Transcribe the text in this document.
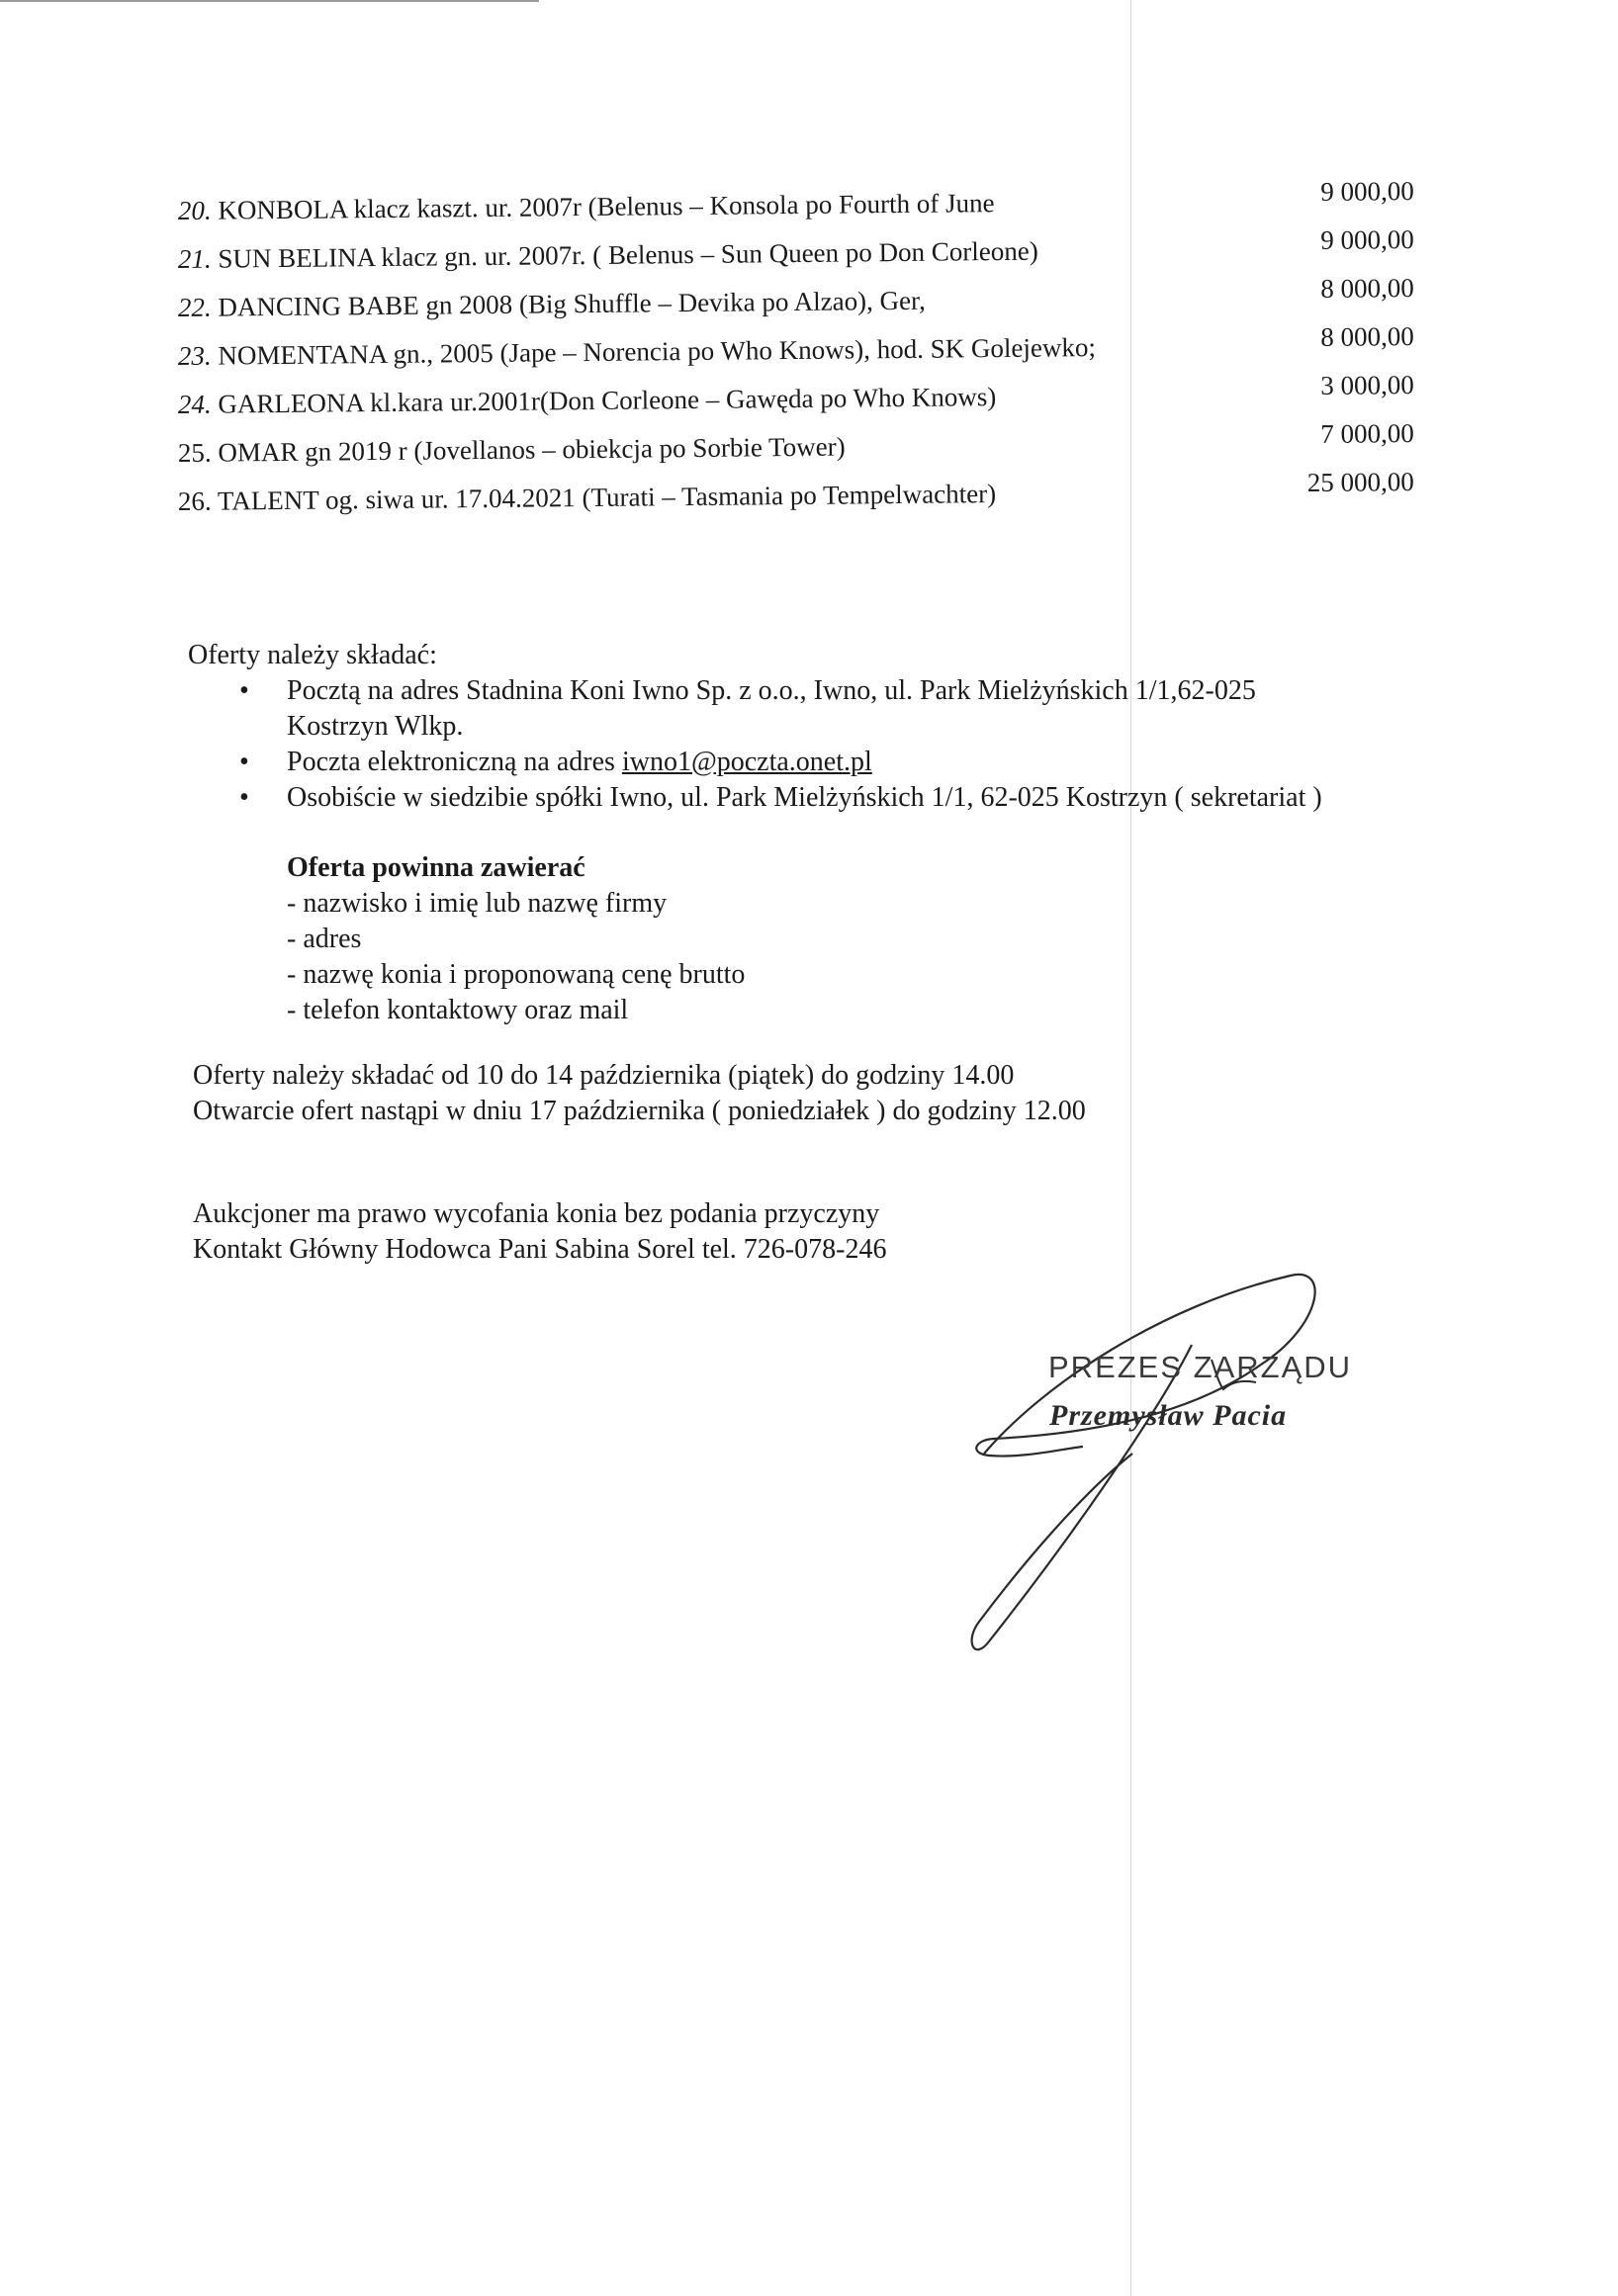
20. KONBOLA klacz kaszt. ur. 2007r (Belenus – Konsola po Fourth of June	9 000,00
21. SUN BELINA klacz gn. ur. 2007r. ( Belenus – Sun Queen po Don Corleone)	9 000,00
22. DANCING BABE gn 2008 (Big Shuffle – Devika po Alzao), Ger,	8 000,00
23. NOMENTANA gn., 2005 (Jape – Norencia po Who Knows), hod. SK Golejewko;	8 000,00
24. GARLEONA kl.kara ur.2001r(Don Corleone – Gawęda po Who Knows)	3 000,00
25. OMAR gn 2019 r (Jovellanos – obiekcja po Sorbie Tower)	7 000,00
26. TALENT og. siwa ur. 17.04.2021 (Turati – Tasmania po Tempelwachter)	25 000,00
Oferty należy składać:
• Pocztą na adres Stadnina Koni Iwno Sp. z o.o., Iwno, ul. Park Mielżyńskich 1/1,62-025
Kostrzyn Wlkp.
• Poczta elektroniczną na adres iwno1@poczta.onet.pl
• Osobiście w siedzibie spółki Iwno, ul. Park Mielżyńskich 1/1, 62-025 Kostrzyn ( sekretariat )
Oferta powinna zawierać
- nazwisko i imię lub nazwę firmy
- adres
- nazwę konia i proponowaną cenę brutto
- telefon kontaktowy oraz mail
Oferty należy składać od 10 do 14 października (piątek) do godziny 14.00
Otwarcie ofert nastąpi w dniu 17 października ( poniedziałek ) do godziny 12.00
Aukcjoner ma prawo wycofania konia bez podania przyczyny
Kontakt Główny Hodowca Pani Sabina Sorel tel. 726-078-246
PREZES ZARZĄDU
Przemysław Pacia
